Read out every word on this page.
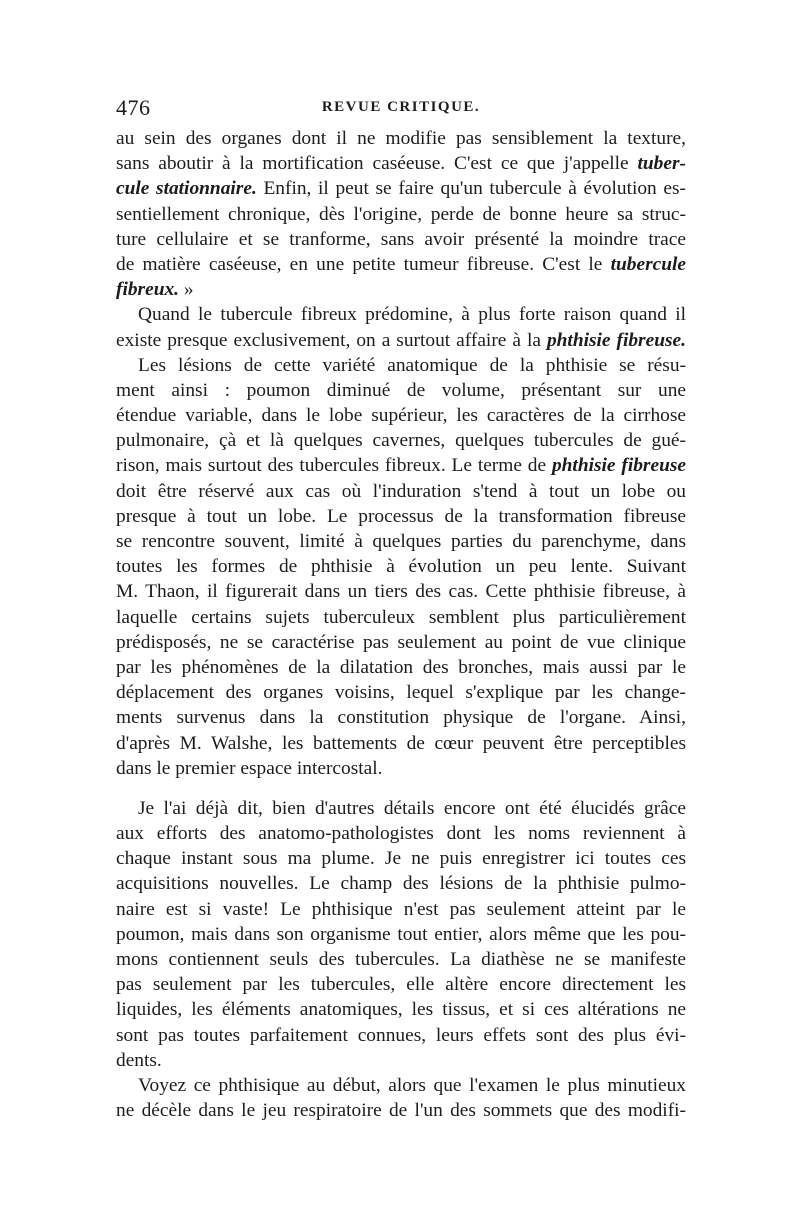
476	REVUE CRITIQUE.
au sein des organes dont il ne modifie pas sensiblement la texture,
sans aboutir à la mortification caséeuse. C'est ce que j'appelle tuber-
cule stationnaire. Enfin, il peut se faire qu'un tubercule à évolution es-
sentiellement chronique, dès l'origine, perde de bonne heure sa struc-
ture cellulaire et se tranforme, sans avoir présenté la moindre trace
de matière caséeuse, en une petite tumeur fibreuse. C'est le tubercule
fibreux. »
Quand le tubercule fibreux prédomine, à plus forte raison quand il
existe presque exclusivement, on a surtout affaire à la phthisie fibreuse.
Les lésions de cette variété anatomique de la phthisie se résu-
ment ainsi : poumon diminué de volume, présentant sur une
étendue variable, dans le lobe supérieur, les caractères de la cirrhose
pulmonaire, çà et là quelques cavernes, quelques tubercules de gué-
rison, mais surtout des tubercules fibreux. Le terme de phthisie fibreuse
doit être réservé aux cas où l'induration s'tend à tout un lobe ou
presque à tout un lobe. Le processus de la transformation fibreuse
se rencontre souvent, limité à quelques parties du parenchyme, dans
toutes les formes de phthisie à évolution un peu lente. Suivant
M. Thaon, il figurerait dans un tiers des cas. Cette phthisie fibreuse, à
laquelle certains sujets tuberculeux semblent plus particulièrement
prédisposés, ne se caractérise pas seulement au point de vue clinique
par les phénomènes de la dilatation des bronches, mais aussi par le
déplacement des organes voisins, lequel s'explique par les change-
ments survenus dans la constitution physique de l'organe. Ainsi,
d'après M. Walshe, les battements de cœur peuvent être perceptibles
dans le premier espace intercostal.
Je l'ai déjà dit, bien d'autres détails encore ont été élucidés grâce
aux efforts des anatomo-pathologistes dont les noms reviennent à
chaque instant sous ma plume. Je ne puis enregistrer ici toutes ces
acquisitions nouvelles. Le champ des lésions de la phthisie pulmo-
naire est si vaste! Le phthisique n'est pas seulement atteint par le
poumon, mais dans son organisme tout entier, alors même que les pou-
mons contiennent seuls des tubercules. La diathèse ne se manifeste
pas seulement par les tubercules, elle altère encore directement les
liquides, les éléments anatomiques, les tissus, et si ces altérations ne
sont pas toutes parfaitement connues, leurs effets sont des plus évi-
dents.
Voyez ce phthisique au début, alors que l'examen le plus minutieux
ne décèle dans le jeu respiratoire de l'un des sommets que des modifi-
